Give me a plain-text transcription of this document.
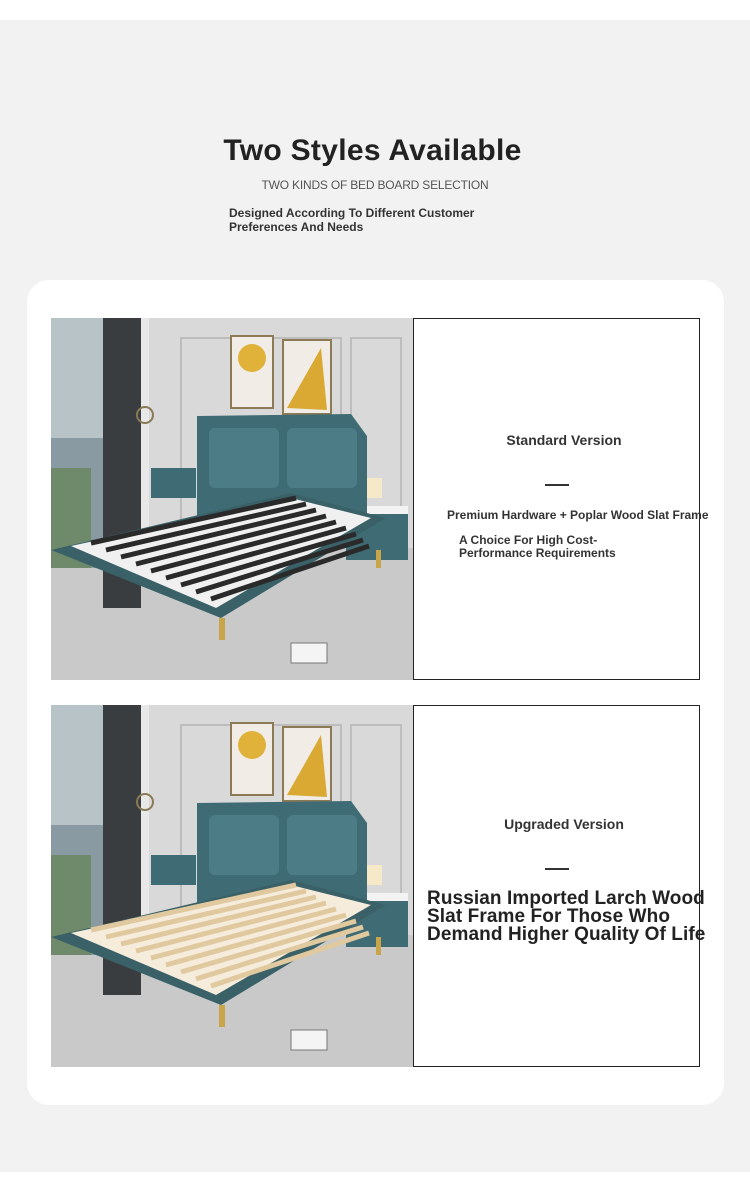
Two Styles Available
TWO KINDS OF BED BOARD SELECTION
Designed According To Different Customer Preferences And Needs
Standard Version
Premium Hardware + Poplar Wood Slat Frame
A Choice For High Cost-Performance Requirements
Upgraded Version
Russian Imported Larch Wood Slat Frame For Those Who Demand Higher Quality Of Life
